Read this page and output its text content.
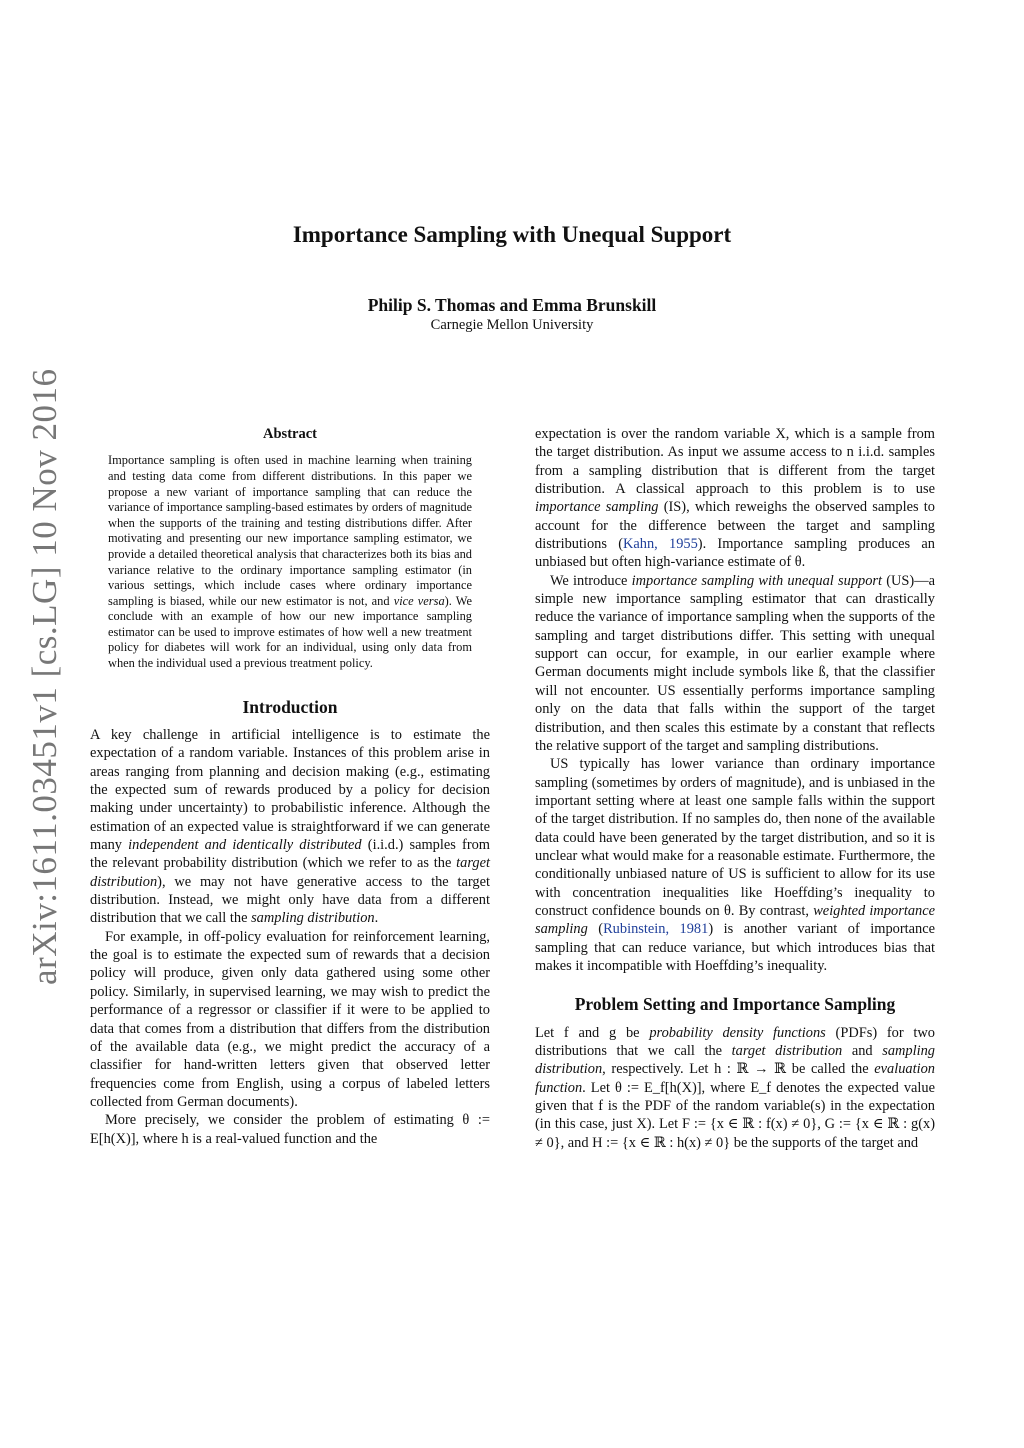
arXiv:1611.03451v1 [cs.LG] 10 Nov 2016
Importance Sampling with Unequal Support
Philip S. Thomas and Emma Brunskill
Carnegie Mellon University
Abstract

Importance sampling is often used in machine learning when training and testing data come from different distributions. In this paper we propose a new variant of importance sampling that can reduce the variance of importance sampling-based estimates by orders of magnitude when the supports of the training and testing distributions differ. After motivating and presenting our new importance sampling estimator, we provide a detailed theoretical analysis that characterizes both its bias and variance relative to the ordinary importance sampling estimator (in various settings, which include cases where ordinary importance sampling is biased, while our new estimator is not, and vice versa). We conclude with an example of how our new importance sampling estimator can be used to improve estimates of how well a new treatment policy for diabetes will work for an individual, using only data from when the individual used a previous treatment policy.

Introduction

A key challenge in artificial intelligence is to estimate the expectation of a random variable. Instances of this problem arise in areas ranging from planning and decision making (e.g., estimating the expected sum of rewards produced by a policy for decision making under uncertainty) to probabilistic inference. Although the estimation of an expected value is straightforward if we can generate many independent and identically distributed (i.i.d.) samples from the relevant probability distribution (which we refer to as the target distribution), we may not have generative access to the target distribution. Instead, we might only have data from a different distribution that we call the sampling distribution.

For example, in off-policy evaluation for reinforcement learning, the goal is to estimate the expected sum of rewards that a decision policy will produce, given only data gathered using some other policy. Similarly, in supervised learning, we may wish to predict the performance of a regressor or classifier if it were to be applied to data that comes from a distribution that differs from the distribution of the available data (e.g., we might predict the accuracy of a classifier for hand-written letters given that observed letter frequencies come from English, using a corpus of labeled letters collected from German documents).

More precisely, we consider the problem of estimating θ := E[h(X)], where h is a real-valued function and the

expectation is over the random variable X, which is a sample from the target distribution. As input we assume access to n i.i.d. samples from a sampling distribution that is different from the target distribution. A classical approach to this problem is to use importance sampling (IS), which reweighs the observed samples to account for the difference between the target and sampling distributions (Kahn, 1955). Importance sampling produces an unbiased but often high-variance estimate of θ.

We introduce importance sampling with unequal support (US)—a simple new importance sampling estimator that can drastically reduce the variance of importance sampling when the supports of the sampling and target distributions differ. This setting with unequal support can occur, for example, in our earlier example where German documents might include symbols like ß, that the classifier will not encounter. US essentially performs importance sampling only on the data that falls within the support of the target distribution, and then scales this estimate by a constant that reflects the relative support of the target and sampling distributions.

US typically has lower variance than ordinary importance sampling (sometimes by orders of magnitude), and is unbiased in the important setting where at least one sample falls within the support of the target distribution. If no samples do, then none of the available data could have been generated by the target distribution, and so it is unclear what would make for a reasonable estimate. Furthermore, the conditionally unbiased nature of US is sufficient to allow for its use with concentration inequalities like Hoeffding’s inequality to construct confidence bounds on θ. By contrast, weighted importance sampling (Rubinstein, 1981) is another variant of importance sampling that can reduce variance, but which introduces bias that makes it incompatible with Hoeffding’s inequality.

Problem Setting and Importance Sampling

Let f and g be probability density functions (PDFs) for two distributions that we call the target distribution and sampling distribution, respectively. Let h : ℝ → ℝ be called the evaluation function. Let θ := E_f[h(X)], where E_f denotes the expected value given that f is the PDF of the random variable(s) in the expectation (in this case, just X). Let F := {x ∈ ℝ : f(x) ≠ 0}, G := {x ∈ ℝ : g(x) ≠ 0}, and H := {x ∈ ℝ : h(x) ≠ 0} be the supports of the target and
